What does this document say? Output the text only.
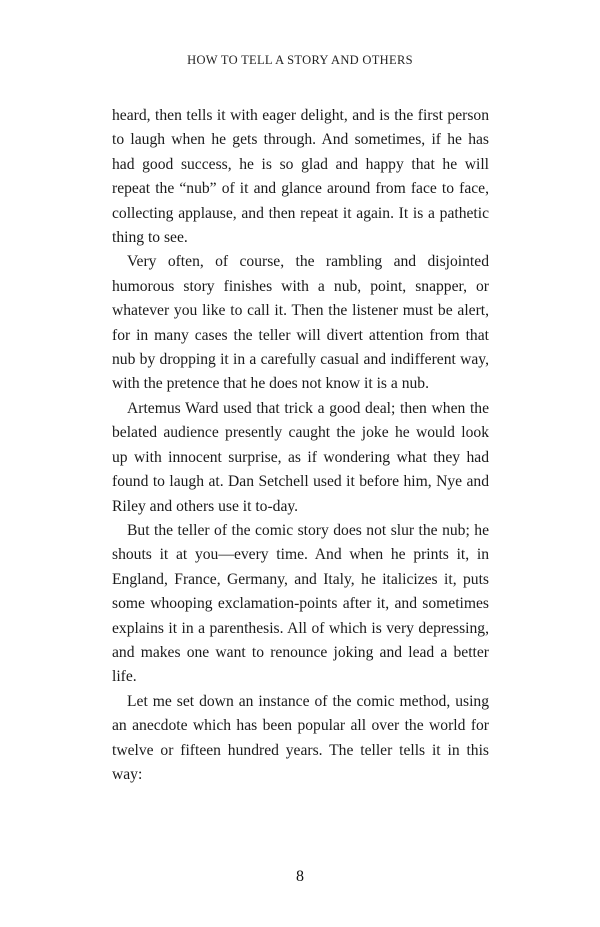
HOW TO TELL A STORY AND OTHERS

heard, then tells it with eager delight, and is the first person to laugh when he gets through. And sometimes, if he has had good success, he is so glad and happy that he will repeat the “nub” of it and glance around from face to face, collecting applause, and then repeat it again. It is a pathetic thing to see.

Very often, of course, the rambling and disjointed humorous story finishes with a nub, point, snapper, or whatever you like to call it. Then the listener must be alert, for in many cases the teller will divert attention from that nub by dropping it in a carefully casual and indifferent way, with the pretence that he does not know it is a nub.

Artemus Ward used that trick a good deal; then when the belated audience presently caught the joke he would look up with innocent surprise, as if wondering what they had found to laugh at. Dan Setchell used it before him, Nye and Riley and others use it to-day.

But the teller of the comic story does not slur the nub; he shouts it at you—every time. And when he prints it, in England, France, Germany, and Italy, he italicizes it, puts some whooping exclamation-points after it, and sometimes explains it in a parenthesis. All of which is very depressing, and makes one want to renounce joking and lead a better life.

Let me set down an instance of the comic method, using an anecdote which has been popular all over the world for twelve or fifteen hundred years. The teller tells it in this way:

8
